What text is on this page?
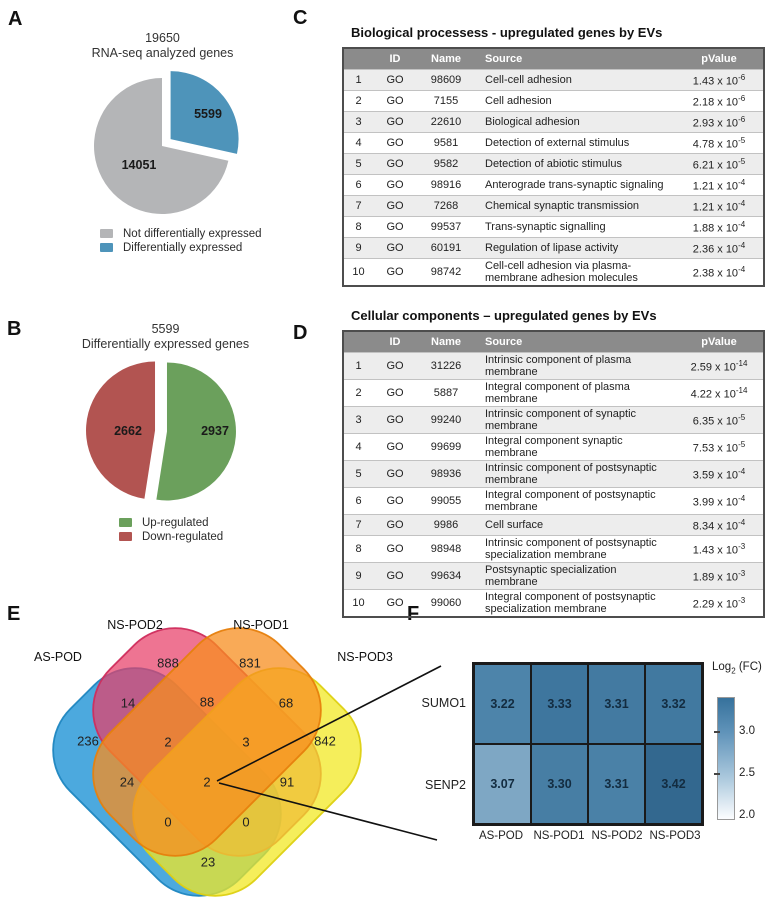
A
B
C
D
E	F
19650
RNA-seq analyzed genes
5599
Differentially expressed genes
5599
14051
2937
2662
Not differentially expressed
Differentially expressed
Up-regulated
Down-regulated
Biological processess - upregulated genes by EVs
	ID	Name	Source	pValue
1	GO	98609	Cell-cell adhesion	1.43 x $10^{-6}$
2	GO	7155	Cell adhesion	2.18 x $10^{-6}$
3	GO	22610	Biological adhesion	2.93 x $10^{-6}$
4	GO	9581	Detection of external stimulus	4.78 x $10^{-5}$
5	GO	9582	Detection of abiotic stimulus	6.21 x $10^{-5}$
6	GO	98916	Anterograde trans-synaptic signaling	1.21 x $10^{-4}$
7	GO	7268	Chemical synaptic transmission	1.21 x $10^{-4}$
8	GO	99537	Trans-synaptic signalling	1.88 x $10^{-4}$
9	GO	60191	Regulation of lipase activity	2.36 x $10^{-4}$
10	GO	98742	Cell-cell adhesion via plasma-membrane adhesion molecules	2.38 x $10^{-4}$
Cellular components – upregulated genes by EVs
	ID	Name	Source	pValue
1	GO	31226	Intrinsic component of plasma membrane	2.59 x $10^{-14}$
2	GO	5887	Integral component of plasma membrane	4.22 x $10^{-14}$
3	GO	99240	Intrinsic component of synaptic membrane	6.35 x $10^{-5}$
4	GO	99699	Integral component synaptic membrane	7.53 x $10^{-5}$
5	GO	98936	Intrinsic component of postsynaptic membrane	3.59 x $10^{-4}$
6	GO	99055	Integral component of postsynaptic membrane	3.99 x $10^{-4}$
7	GO	9986	Cell surface	8.34 x $10^{-4}$
8	GO	98948	Intrinsic component of postsynaptic specialization membrane	1.43 x $10^{-3}$
9	GO	99634	Postsynaptic specialization membrane	1.89 x $10^{-3}$
10	GO	99060	Integral component of postsynaptic specialization membrane	2.29 x $10^{-3}$
236
888	831
842
14	88	68
24	91
23
2	3
0	0
2
AS-POD
NS-POD2	NS-POD1
NS-POD3
3.22	3.33	3.31	3.32
3.07	3.30	3.31	3.42
SUMO1
SENP2
AS-POD NS-POD1 NS-POD2 NS-POD3
Log$_2$ (FC)
3.0
2.5
2.0
